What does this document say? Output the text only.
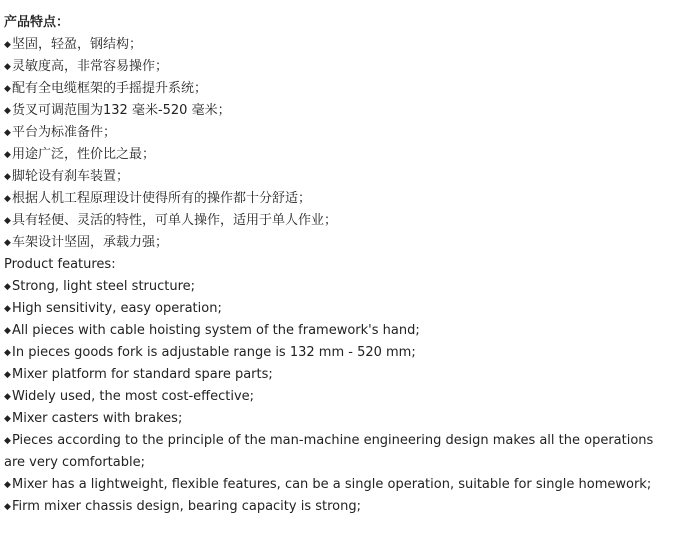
产品特点：
◆坚固，轻盈，钢结构；
◆灵敏度高，非常容易操作；
◆配有全电缆框架的手摇提升系统；
◆货叉可调范围为132 毫米-520 毫米；
◆平台为标准备件；
◆用途广泛，性价比之最；
◆脚轮设有刹车装置；
◆根据人机工程原理设计使得所有的操作都十分舒适；
◆具有轻便、灵活的特性，可单人操作，适用于单人作业；
◆车架设计坚固，承载力强；
Product features:
◆Strong, light steel structure;
◆High sensitivity, easy operation;
◆All pieces with cable hoisting system of the framework's hand;
◆In pieces goods fork is adjustable range is 132 mm - 520 mm;
◆Mixer platform for standard spare parts;
◆Widely used, the most cost-effective;
◆Mixer casters with brakes;
◆Pieces according to the principle of the man-machine engineering design makes all the operations are very comfortable;
◆Mixer has a lightweight, flexible features, can be a single operation, suitable for single homework;
◆Firm mixer chassis design, bearing capacity is strong;
